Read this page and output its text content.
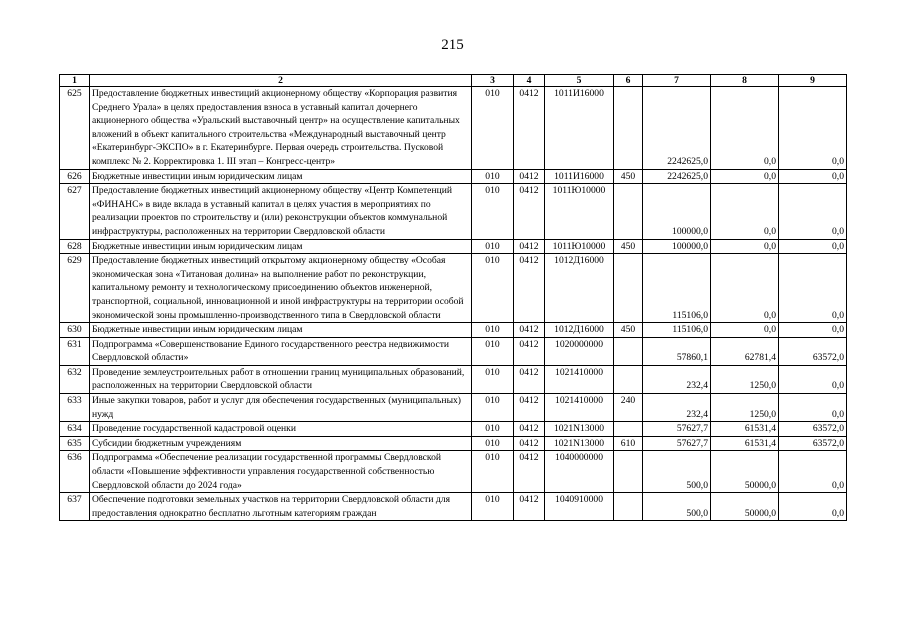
215
1	2	3	4	5	6	7	8	9
625	Предоставление бюджетных инвестиций акционерному обществу «Корпорация развития Среднего Урала» в целях предоставления взноса в уставный капитал дочернего акционерного общества «Уральский выставочный центр» на осуществление капитальных вложений в объект капитального строительства «Международный выставочный центр «Екатеринбург-ЭКСПО» в г. Екатеринбурге. Первая очередь строительства. Пусковой комплекс № 2. Корректировка 1. III этап – Конгресс-центр»	010	0412	1011И16000		2242625,0	0,0	0,0
626	Бюджетные инвестиции иным юридическим лицам	010	0412	1011И16000	450	2242625,0	0,0	0,0
627	Предоставление бюджетных инвестиций акционерному обществу «Центр Компетенций «ФИНАНС» в виде вклада в уставный капитал в целях участия в мероприятиях по реализации проектов по строительству и (или) реконструкции объектов коммунальной инфраструктуры, расположенных на территории Свердловской области	010	0412	1011Ю10000		100000,0	0,0	0,0
628	Бюджетные инвестиции иным юридическим лицам	010	0412	1011Ю10000	450	100000,0	0,0	0,0
629	Предоставление бюджетных инвестиций открытому акционерному обществу «Особая экономическая зона «Титановая долина» на выполнение работ по реконструкции, капитальному ремонту и технологическому присоединению объектов инженерной, транспортной, социальной, инновационной и иной инфраструктуры на территории особой экономической зоны промышленно-производственного типа в Свердловской области	010	0412	1012Д16000		115106,0	0,0	0,0
630	Бюджетные инвестиции иным юридическим лицам	010	0412	1012Д16000	450	115106,0	0,0	0,0
631	Подпрограмма «Совершенствование Единого государственного реестра недвижимости Свердловской области»	010	0412	1020000000		57860,1	62781,4	63572,0
632	Проведение землеустроительных работ в отношении границ муниципальных образований, расположенных на территории Свердловской области	010	0412	1021410000		232,4	1250,0	0,0
633	Иные закупки товаров, работ и услуг для обеспечения государственных (муниципальных) нужд	010	0412	1021410000	240	232,4	1250,0	0,0
634	Проведение государственной кадастровой оценки	010	0412	1021N13000		57627,7	61531,4	63572,0
635	Субсидии бюджетным учреждениям	010	0412	1021N13000	610	57627,7	61531,4	63572,0
636	Подпрограмма «Обеспечение реализации государственной программы Свердловской области «Повышение эффективности управления государственной собственностью Свердловской области до 2024 года»	010	0412	1040000000		500,0	50000,0	0,0
637	Обеспечение подготовки земельных участков на территории Свердловской области для предоставления однократно бесплатно льготным категориям граждан	010	0412	1040910000		500,0	50000,0	0,0
